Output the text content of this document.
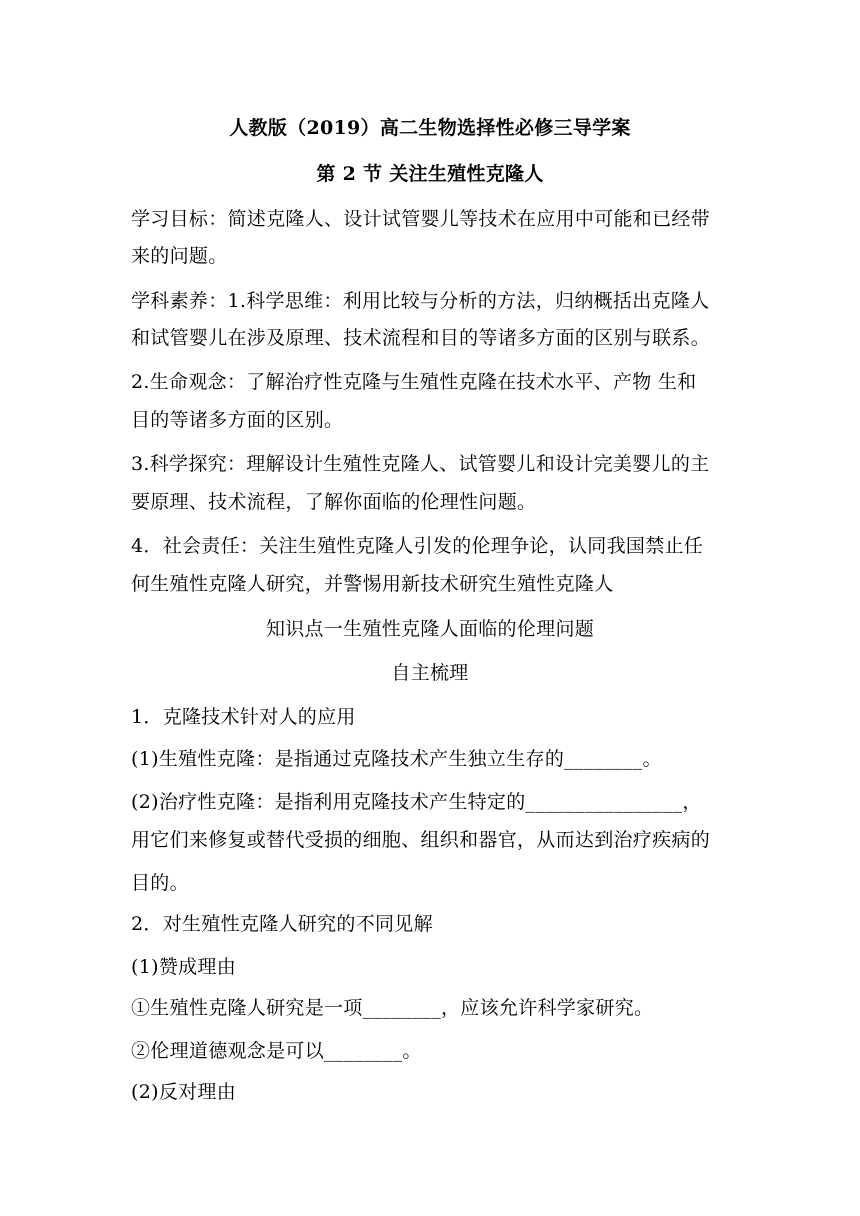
人教版（2019）高二生物选择性必修三导学案
第 2 节 关注生殖性克隆人
学习目标：简述克隆人、设计试管婴儿等技术在应用中可能和已经带
来的问题。
学科素养：1.科学思维：利用比较与分析的方法，归纳概括出克隆人
和试管婴儿在涉及原理、技术流程和目的等诸多方面的区别与联系。
2.生命观念：了解治疗性克隆与生殖性克隆在技术水平、产物 生和
目的等诸多方面的区别。
3.科学探究：理解设计生殖性克隆人、试管婴儿和设计完美婴儿的主
要原理、技术流程，了解你面临的伦理性问题。
4．社会责任：关注生殖性克隆人引发的伦理争论，认同我国禁止任
何生殖性克隆人研究，并警惕用新技术研究生殖性克隆人
知识点一生殖性克隆人面临的伦理问题
自主梳理
1．克隆技术针对人的应用
(1)生殖性克隆：是指通过克隆技术产生独立生存的________。
(2)治疗性克隆：是指利用克隆技术产生特定的________________，
用它们来修复或替代受损的细胞、组织和器官，从而达到治疗疾病的
目的。
2．对生殖性克隆人研究的不同见解
(1)赞成理由
①生殖性克隆人研究是一项________，应该允许科学家研究。
②伦理道德观念是可以________。
(2)反对理由
